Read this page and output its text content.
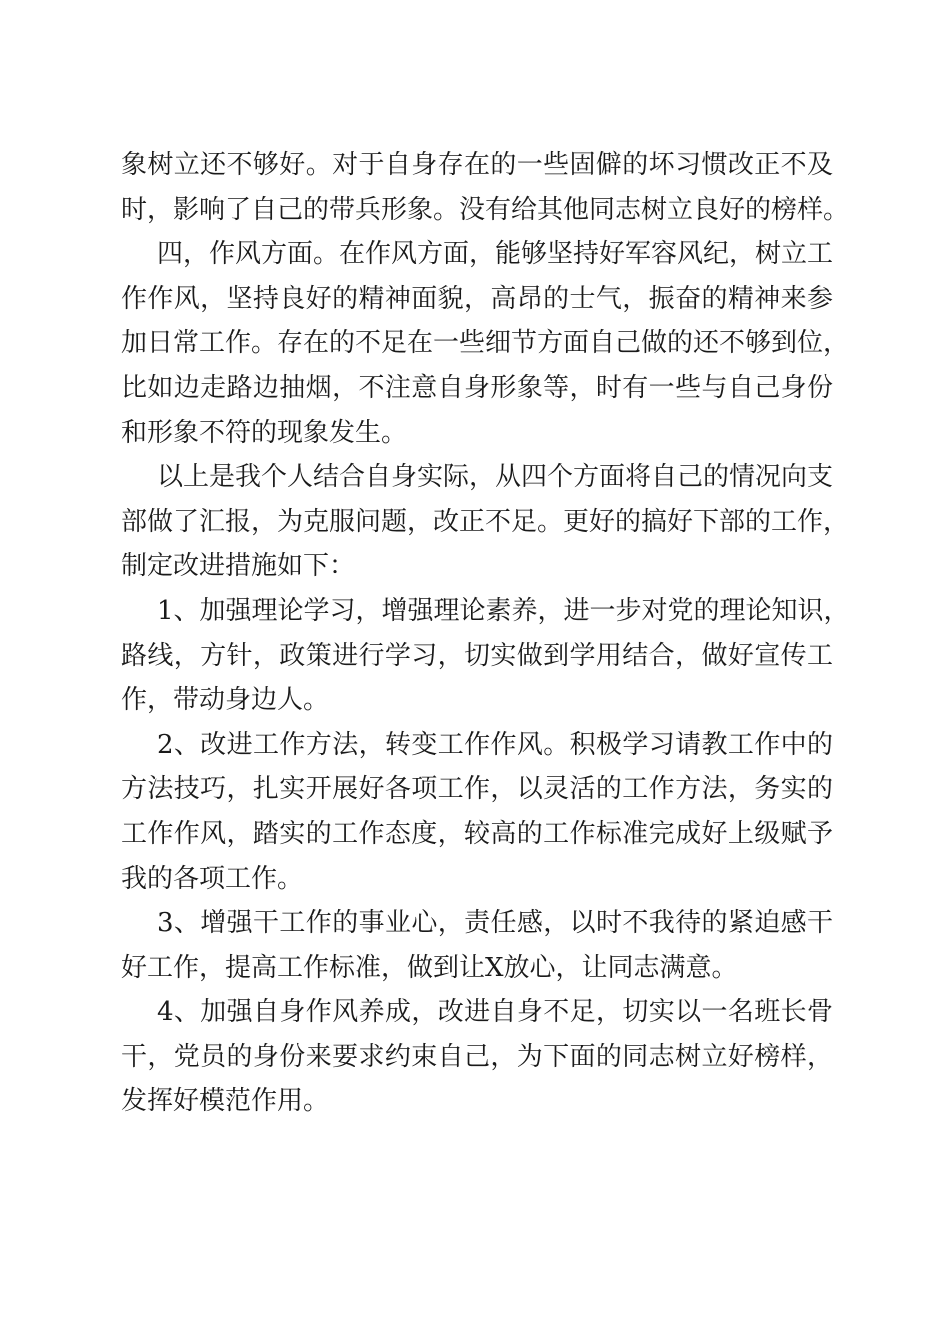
象树立还不够好。对于自身存在的一些固僻的坏习惯改正不及
时，影响了自己的带兵形象。没有给其他同志树立良好的榜样。
四，作风方面。在作风方面，能够坚持好军容风纪，树立工
作作风，坚持良好的精神面貌，高昂的士气，振奋的精神来参
加日常工作。存在的不足在一些细节方面自己做的还不够到位，
比如边走路边抽烟，不注意自身形象等，时有一些与自己身份
和形象不符的现象发生。
以上是我个人结合自身实际，从四个方面将自己的情况向支
部做了汇报，为克服问题，改正不足。更好的搞好下部的工作，
制定改进措施如下：
1、加强理论学习，增强理论素养，进一步对党的理论知识，
路线，方针，政策进行学习，切实做到学用结合，做好宣传工
作，带动身边人。
2、改进工作方法，转变工作作风。积极学习请教工作中的
方法技巧，扎实开展好各项工作，以灵活的工作方法，务实的
工作作风，踏实的工作态度，较高的工作标准完成好上级赋予
我的各项工作。
3、增强干工作的事业心，责任感，以时不我待的紧迫感干
好工作，提高工作标准，做到让X放心，让同志满意。
4、加强自身作风养成，改进自身不足，切实以一名班长骨
干，党员的身份来要求约束自己，为下面的同志树立好榜样，
发挥好模范作用。
